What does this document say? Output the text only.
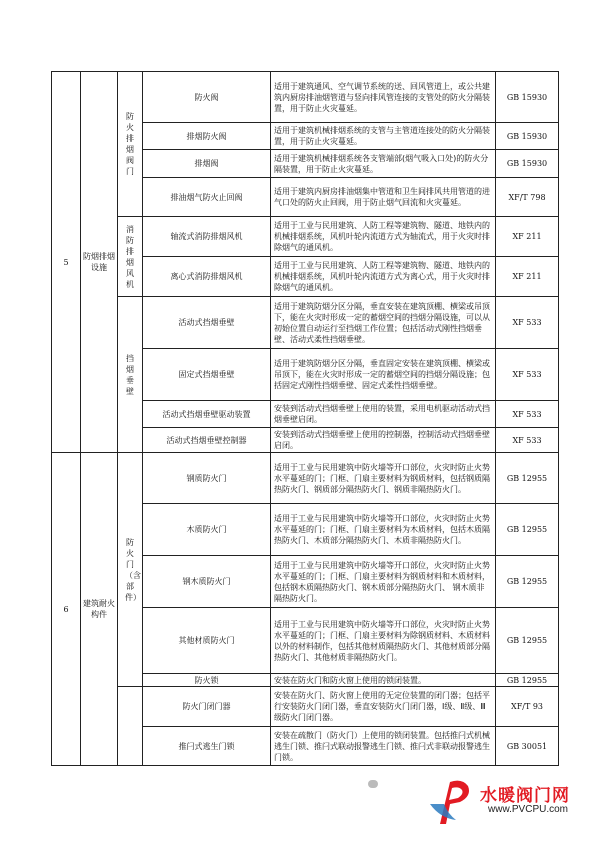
5	防烟排烟设施	防火排烟阀门	防火阀	适用于建筑通风、空气调节系统的送、回风管道上，或公共建筑内厨房排油烟管道与竖向排风管连接的支管处的防火分隔装置，用于防止火灾蔓延。	GB 15930
			排烟防火阀	适用于建筑机械排烟系统的支管与主管道连接处的防火分隔装置，用于防止火灾蔓延。	GB 15930
			排烟阀	适用于建筑机械排烟系统各支管端部(烟气吸入口处)的防火分隔装置，用于防止火灾蔓延。	GB 15930
			排油烟气防火止回阀	适用于建筑内厨房排油烟集中管道和卫生间排风共用管道的进气口处的防火止回阀，用于防止烟气回流和火灾蔓延。	XF/T 798
		消防排烟风机	轴流式消防排烟风机	适用于工业与民用建筑、人防工程等建筑物、隧道、地铁内的机械排烟系统，风机叶轮内流道方式为轴流式，用于火灾时排除烟气的通风机。	XF 211
			离心式消防排烟风机	适用于工业与民用建筑、人防工程等建筑物、隧道、地铁内的机械排烟系统，风机叶轮内流道方式为离心式，用于火灾时排除烟气的通风机。	XF 211
		挡烟垂壁	活动式挡烟垂壁	适用于建筑防烟分区分隔，垂直安装在建筑顶棚、横梁或吊顶下，能在火灾时形成一定的蓄烟空间的挡烟分隔设施，可以从初始位置自动运行至挡烟工作位置；包括活动式刚性挡烟垂壁、活动式柔性挡烟垂壁。	XF 533
			固定式挡烟垂壁	适用于建筑防烟分区分隔，垂直固定安装在建筑顶棚、横梁或吊顶下，能在火灾时形成一定的蓄烟空间的挡烟分隔设施；包括固定式刚性挡烟垂壁、固定式柔性挡烟垂壁。	XF 533
			活动式挡烟垂壁驱动装置	安装到活动式挡烟垂壁上使用的装置，采用电机驱动活动式挡烟垂壁启闭。	XF 533
			活动式挡烟垂壁控制器	安装到活动式挡烟垂壁上使用的控制器，控制活动式挡烟垂壁启闭。	XF 533
6	建筑耐火构件	防火门（含部件）	钢质防火门	适用于工业与民用建筑中防火墙等开口部位，火灾时防止火势水平蔓延的门；门框、门扇主要材料为钢质材料，包括钢质隔热防火门、钢质部分隔热防火门、钢质非隔热防火门。	GB 12955
			木质防火门	适用于工业与民用建筑中防火墙等开口部位，火灾时防止火势水平蔓延的门；门框、门扇主要材料为木质材料，包括木质隔热防火门、木质部分隔热防火门、木质非隔热防火门。	GB 12955
			钢木质防火门	适用于工业与民用建筑中防火墙等开口部位，火灾时防止火势水平蔓延的门；门框、门扇主要材料为钢质材料和木质材料，包括钢木质隔热防火门、钢木质部分隔热防火门、 钢木质非隔热防火门。	GB 12955
			其他材质防火门	适用于工业与民用建筑中防火墙等开口部位，火灾时防止火势水平蔓延的门；门框、门扇主要材料为除钢质材料、木质材料以外的材料制作，包括其他材质隔热防火门、其他材质部分隔热防火门、其他材质非隔热防火门。	GB 12955
			防火锁	安装在防火门和防火窗上使用的锁闭装置。	GB 12955
			防火门闭门器	安装在防火门、防火窗上使用的无定位装置的闭门器；包括平行安装防火门闭门器，垂直安装防火门闭门器，Ⅰ级、Ⅱ级、Ⅲ级防火门闭门器。	XF/T 93
			推闩式逃生门锁	安装在疏散门（防火门）上使用的锁闭装置。包括推闩式机械逃生门锁、推闩式联动报警逃生门锁、推闩式非联动报警逃生门锁。	GB 30051
水暖阀门网
www.PVCPU.com
